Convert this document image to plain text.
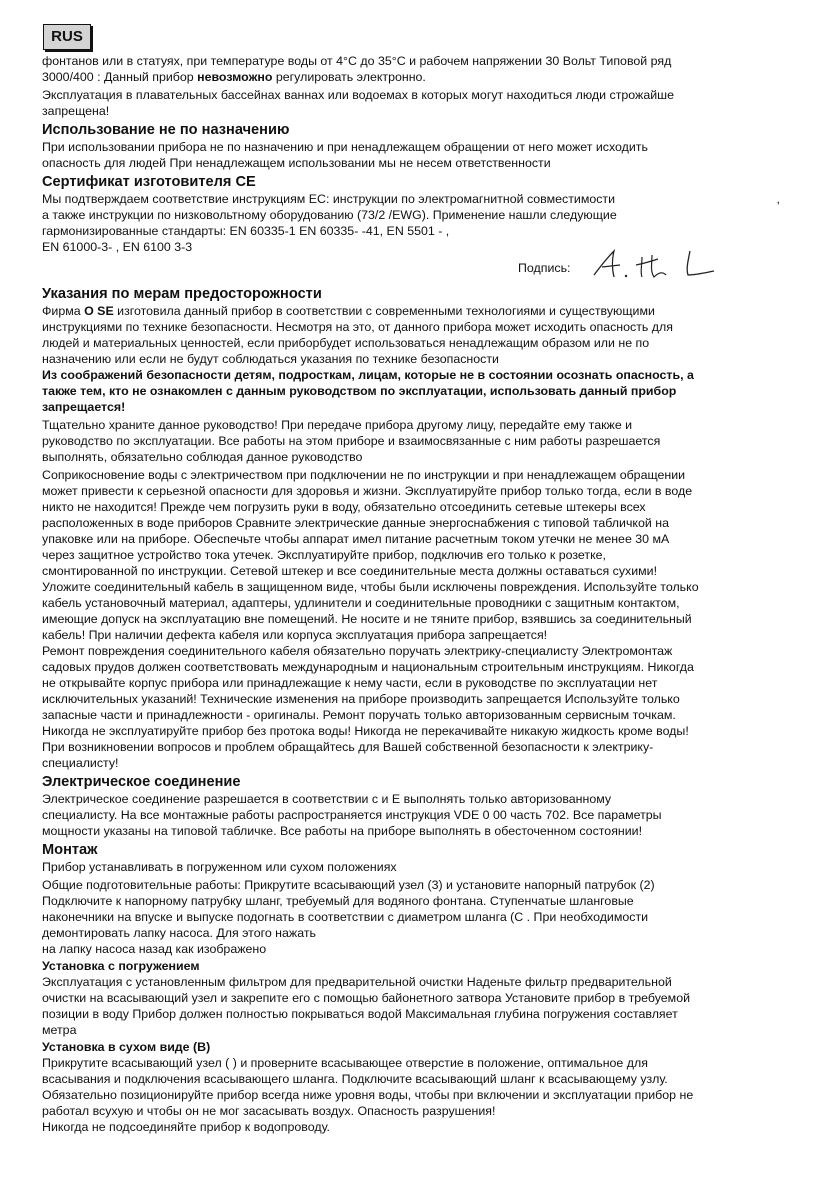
RUS
фонтанов или в статуях, при температуре воды от 4°C до 35°C и рабочем напряжении 30 Вольт Типовой ряд
3000/400 : Данный прибор невозможно регулировать электронно.
Эксплуатация в плавательных бассейнах ваннах или водоемах в которых могут находиться люди строжайше
запрещена!
Использование не по назначению
При использовании прибора не по назначению и при ненадлежащем обращении от него может исходить
опасность для людей При ненадлежащем использовании мы не несем ответственности
Сертификат изготовителя СЕ
Мы подтверждаем соответствие инструкциям ЕС: инструкции по электромагнитной совместимости	,
а также инструкции по низковольтному оборудованию (73/2 /EWG). Применение нашли следующие
гармонизированные стандарты: EN 60335-1 EN 60335- -41, EN 5501 - ,
EN 61000-3- , EN 6100 3-3
Подпись:
Указания по мерам предосторожности
Фирма O SE изготовила данный прибор в соответствии с современными технологиями и существующими
инструкциями по технике безопасности. Несмотря на это, от данного прибора может исходить опасность для
людей и материальных ценностей, если приборбудет использоваться ненадлежащим образом или не по
назначению или если не будут соблюдаться указания по технике безопасности
Из соображений безопасности детям, подросткам, лицам, которые не в состоянии осознать опасность, а
также тем, кто не ознакомлен с данным руководством по эксплуатации, использовать данный прибор
запрещается!
Тщательно храните данное руководство! При передаче прибора другому лицу, передайте ему также и
руководство по эксплуатации. Все работы на этом приборе и взаимосвязанные с ним работы разрешается
выполнять, обязательно соблюдая данное руководство
Соприкосновение воды с электричеством при подключении не по инструкции и при ненадлежащем обращении
может привести к серьезной опасности для здоровья и жизни. Эксплуатируйте прибор только тогда, если в воде
никто не находится! Прежде чем погрузить руки в воду, обязательно отсоединить сетевые штекеры всех
расположенных в воде приборов Сравните электрические данные энергоснабжения с типовой табличкой на
упаковке или на приборе. Обеспечьте чтобы аппарат имел питание расчетным током утечки не менее 30 мА
через защитное устройство тока утечек. Эксплуатируйте прибор, подключив его только к розетке,
смонтированной по инструкции. Сетевой штекер и все соединительные места должны оставаться сухими!
Уложите соединительный кабель в защищенном виде, чтобы были исключены повреждения. Используйте только
кабель установочный материал, адаптеры, удлинители и соединительные проводники с защитным контактом,
имеющие допуск на эксплуатацию вне помещений. Не носите и не тяните прибор, взявшись за соединительный
кабель! При наличии дефекта кабеля или корпуса эксплуатация прибора запрещается!
Ремонт повреждения соединительного кабеля обязательно поручать электрику-специалисту Электромонтаж
садовых прудов должен соответствовать международным и национальным строительным инструкциям. Никогда
не открывайте корпус прибора или принадлежащие к нему части, если в руководстве по эксплуатации нет
исключительных указаний! Технические изменения на приборе производить запрещается Используйте только
запасные части и принадлежности - оригиналы. Ремонт поручать только авторизованным сервисным точкам.
Никогда не эксплуатируйте прибор без протока воды! Никогда не перекачивайте никакую жидкость кроме воды!
При возникновении вопросов и проблем обращайтесь для Вашей собственной безопасности к электрику-
специалисту!
Электрическое соединение
Электрическое соединение разрешается в соответствии с и E выполнять только авторизованному
специалисту. На все монтажные работы распространяется инструкция VDE 0 00 часть 702. Все параметры
мощности указаны на типовой табличке. Все работы на приборе выполнять в обесточенном состоянии!
Монтаж
Прибор устанавливать в погруженном или сухом положениях
Общие подготовительные работы: Прикрутите всасывающий узел (3) и установите напорный патрубок (2)
Подключите к напорному патрубку шланг, требуемый для водяного фонтана. Ступенчатые шланговые
наконечники на впуске и выпуске подогнать в соответствии с диаметром шланга (C . При необходимости
демонтировать лапку насоса. Для этого нажать
на лапку насоса назад как изображено
Установка с погружением
Эксплуатация с установленным фильтром для предварительной очистки Наденьте фильтр предварительной
очистки на всасывающий узел и закрепите его с помощью байонетного затвора Установите прибор в требуемой
позиции в воду Прибор должен полностью покрываться водой Максимальная глубина погружения составляет
метра
Установка в сухом виде (B)
Прикрутите всасывающий узел ( ) и проверните всасывающее отверстие в положение, оптимальное для
всасывания и подключения всасывающего шланга. Подключите всасывающий шланг к всасывающему узлу.
Обязательно позиционируйте прибор всегда ниже уровня воды, чтобы при включении и эксплуатации прибор не
работал всухую и чтобы он не мог засасывать воздух. Опасность разрушения!
Никогда не подсоединяйте прибор к водопроводу.
